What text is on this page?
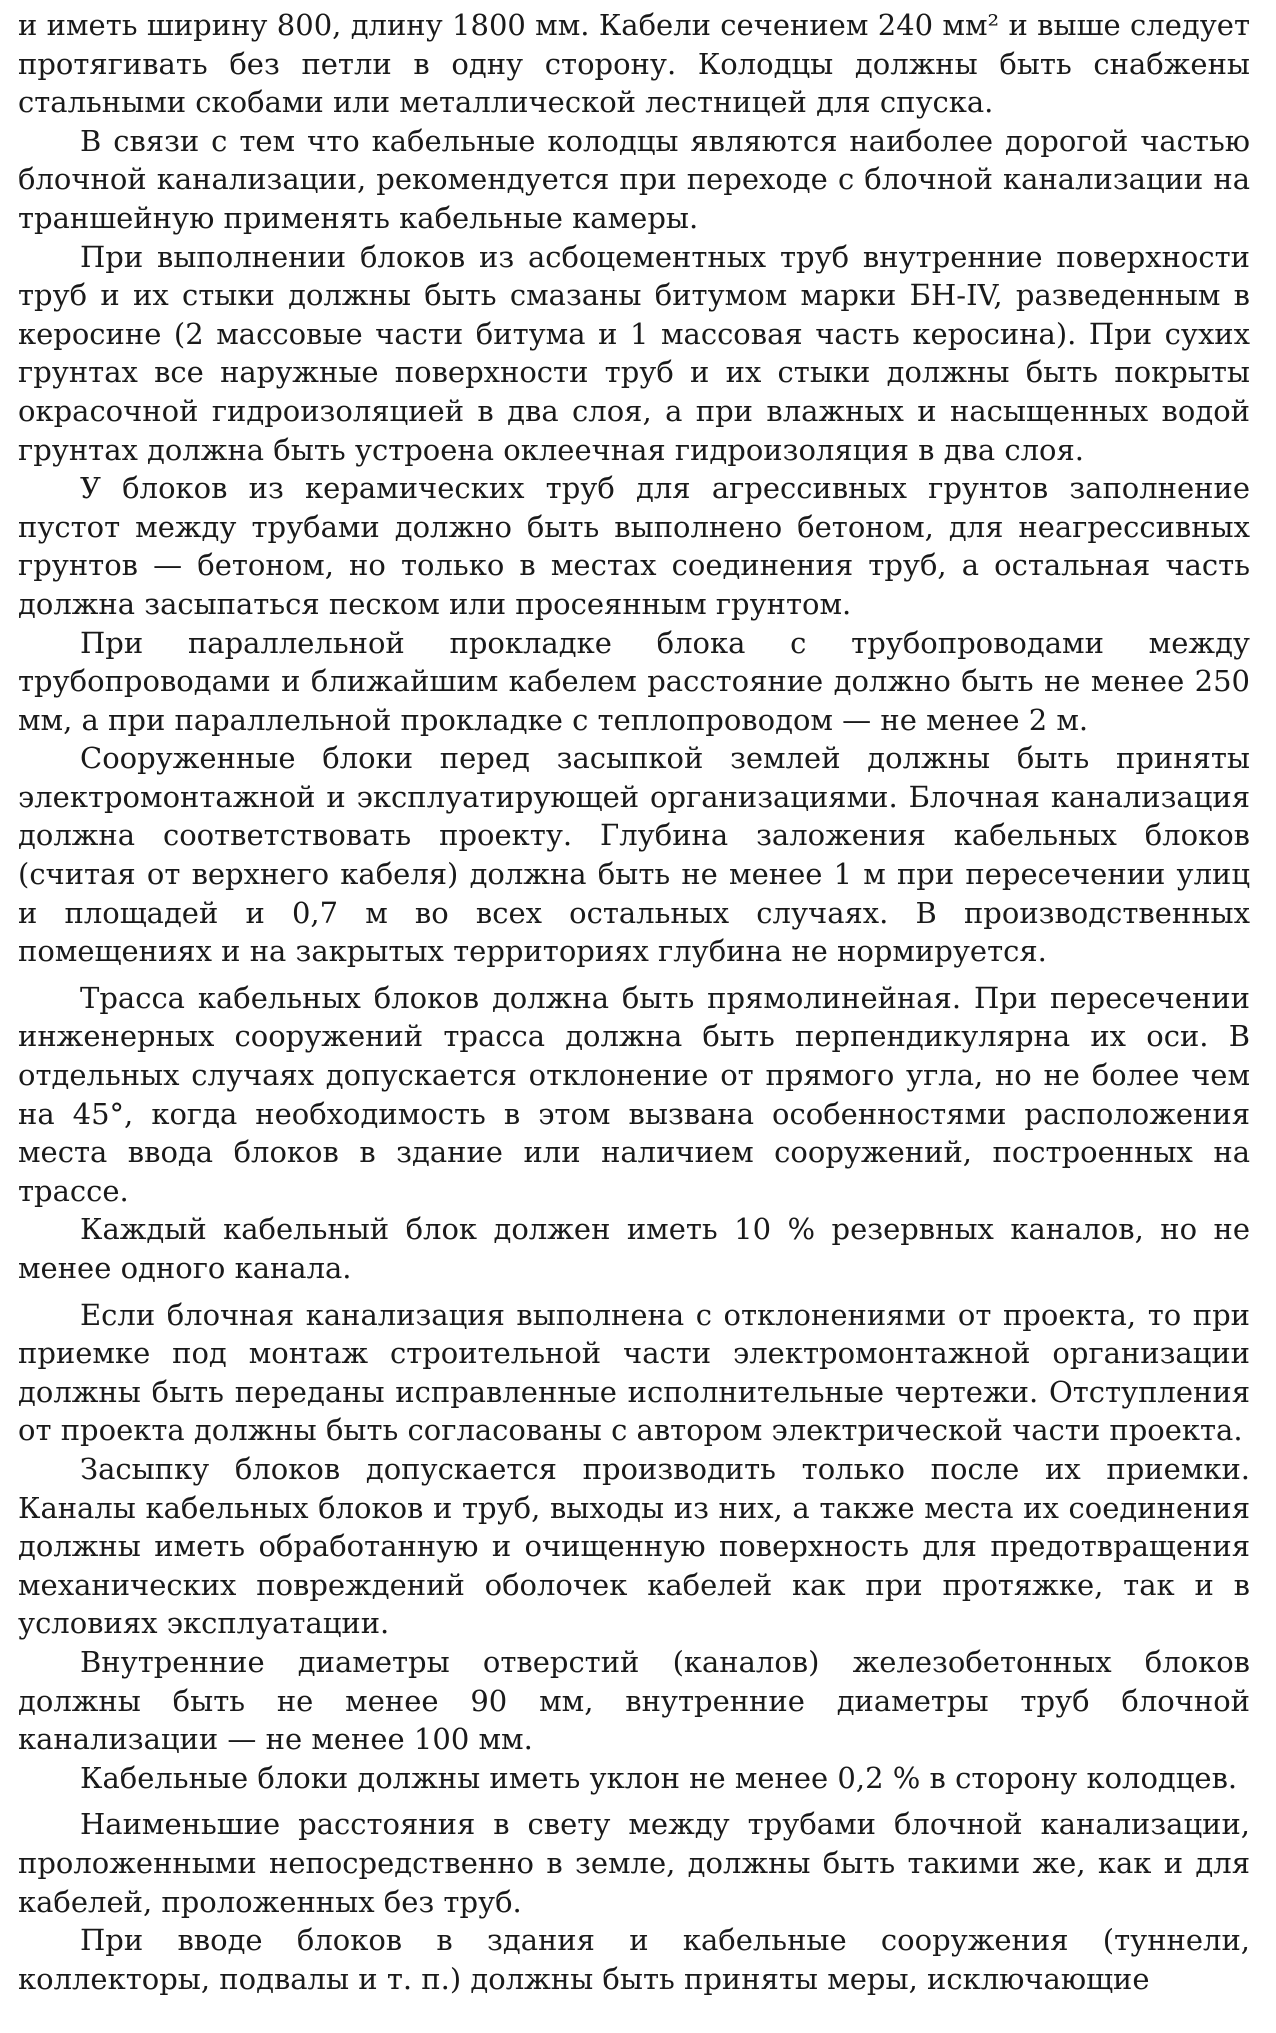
и иметь ширину 800, длину 1800 мм. Кабели сечением 240 мм² и выше следует протягивать без петли в одну сторону. Колодцы должны быть снабжены стальными скобами или металлической лестницей для спуска.

В связи с тем что кабельные колодцы являются наиболее дорогой частью блочной канализации, рекомендуется при переходе с блочной канализации на траншейную применять кабельные камеры.

При выполнении блоков из асбоцементных труб внутренние поверхности труб и их стыки должны быть смазаны битумом марки БН-IV, разведенным в керосине (2 массовые части битума и 1 массовая часть керосина). При сухих грунтах все наружные поверхности труб и их стыки должны быть покрыты окрасочной гидроизоляцией в два слоя, а при влажных и насыщенных водой грунтах должна быть устроена оклеечная гидроизоляция в два слоя.

У блоков из керамических труб для агрессивных грунтов заполнение пустот между трубами должно быть выполнено бетоном, для неагрессивных грунтов — бетоном, но только в местах соединения труб, а остальная часть должна засыпаться песком или просеянным грунтом.

При параллельной прокладке блока с трубопроводами между трубопроводами и ближайшим кабелем расстояние должно быть не менее 250 мм, а при параллельной прокладке с теплопроводом — не менее 2 м.

Сооруженные блоки перед засыпкой землей должны быть приняты электромонтажной и эксплуатирующей организациями. Блочная канализация должна соответствовать проекту. Глубина заложения кабельных блоков (считая от верхнего кабеля) должна быть не менее 1 м при пересечении улиц и площадей и 0,7 м во всех остальных случаях. В производственных помещениях и на закрытых территориях глубина не нормируется.

Трасса кабельных блоков должна быть прямолинейная. При пересечении инженерных сооружений трасса должна быть перпендикулярна их оси. В отдельных случаях допускается отклонение от прямого угла, но не более чем на 45°, когда необходимость в этом вызвана особенностями расположения места ввода блоков в здание или наличием сооружений, построенных на трассе.

Каждый кабельный блок должен иметь 10 % резервных каналов, но не менее одного канала.

Если блочная канализация выполнена с отклонениями от проекта, то при приемке под монтаж строительной части электромонтажной организации должны быть переданы исправленные исполнительные чертежи. Отступления от проекта должны быть согласованы с автором электрической части проекта.

Засыпку блоков допускается производить только после их приемки. Каналы кабельных блоков и труб, выходы из них, а также места их соединения должны иметь обработанную и очищенную поверхность для предотвращения механических повреждений оболочек кабелей как при протяжке, так и в условиях эксплуатации.

Внутренние диаметры отверстий (каналов) железобетонных блоков должны быть не менее 90 мм, внутренние диаметры труб блочной канализации — не менее 100 мм.

Кабельные блоки должны иметь уклон не менее 0,2 % в сторону колодцев.

Наименьшие расстояния в свету между трубами блочной канализации, проложенными непосредственно в земле, должны быть такими же, как и для кабелей, проложенных без труб.

При вводе блоков в здания и кабельные сооружения (туннели, коллекторы, подвалы и т. п.) должны быть приняты меры, исключающие
